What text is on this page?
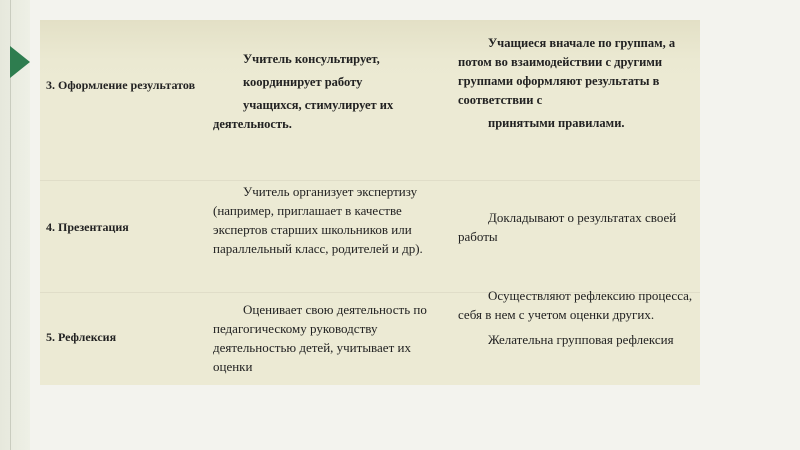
3. Оформление результатов

Учитель консультирует,

координирует работу

учащихся, стимулирует их деятельность.

Учащиеся вначале по группам, а потом во взаимодействии с другими группами оформляют результаты в соответствии с

принятыми правилами.

4. Презентация

Учитель организует экспертизу (например, приглашает в качестве экспертов старших школьников или параллельный класс, родителей и др).

Докладывают о результатах своей работы

5. Рефлексия

Оценивает свою деятельность по педагогическому руководству деятельностью детей, учитывает их оценки

Осуществляют рефлексию процесса, себя в нем с учетом оценки других.

Желательна групповая рефлексия
